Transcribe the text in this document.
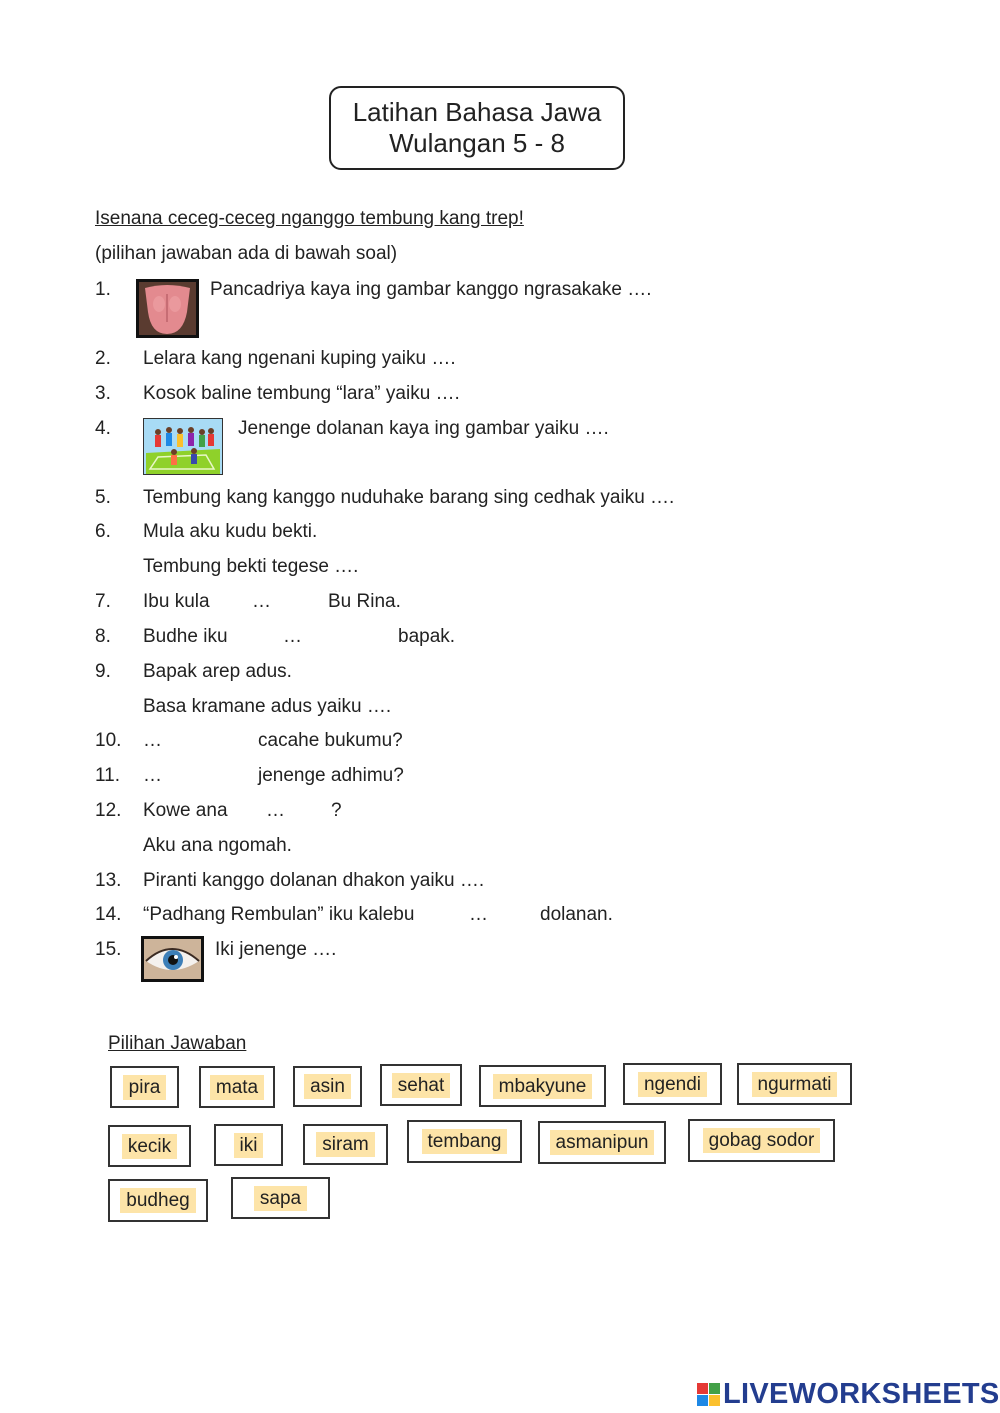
Latihan Bahasa Jawa
Wulangan 5 - 8
Isenana ceceg-ceceg nganggo tembung kang trep!
(pilihan jawaban ada di bawah soal)
1.	Pancadriya kaya ing gambar kanggo ngrasakake ….
2. Lelara kang ngenani kuping yaiku ….
3. Kosok baline tembung “lara” yaiku ….
4.	Jenenge dolanan kaya ing gambar yaiku ….
5. Tembung kang kanggo nuduhake barang sing cedhak yaiku ….
6. Mula aku kudu bekti.
Tembung bekti tegese ….
7. Ibu kula …	Bu Rina.
8. Budhe iku	…	bapak.
9. Bapak arep adus.
Basa kramane adus yaiku ….
10. …	cacahe bukumu?
11. …	jenenge adhimu?
12. Kowe ana … ?
Aku ana ngomah.
13. Piranti kanggo dolanan dhakon yaiku ….
14. “Padhang Rembulan” iku kalebu	…	dolanan.
15.	Iki jenenge ….
Pilihan Jawaban
pira	mata	asin	sehat	mbakyune	ngendi	ngurmati
kecik	iki	siram	tembang	asmanipun	gobag sodor
budheg	sapa
LIVEWORKSHEETS
